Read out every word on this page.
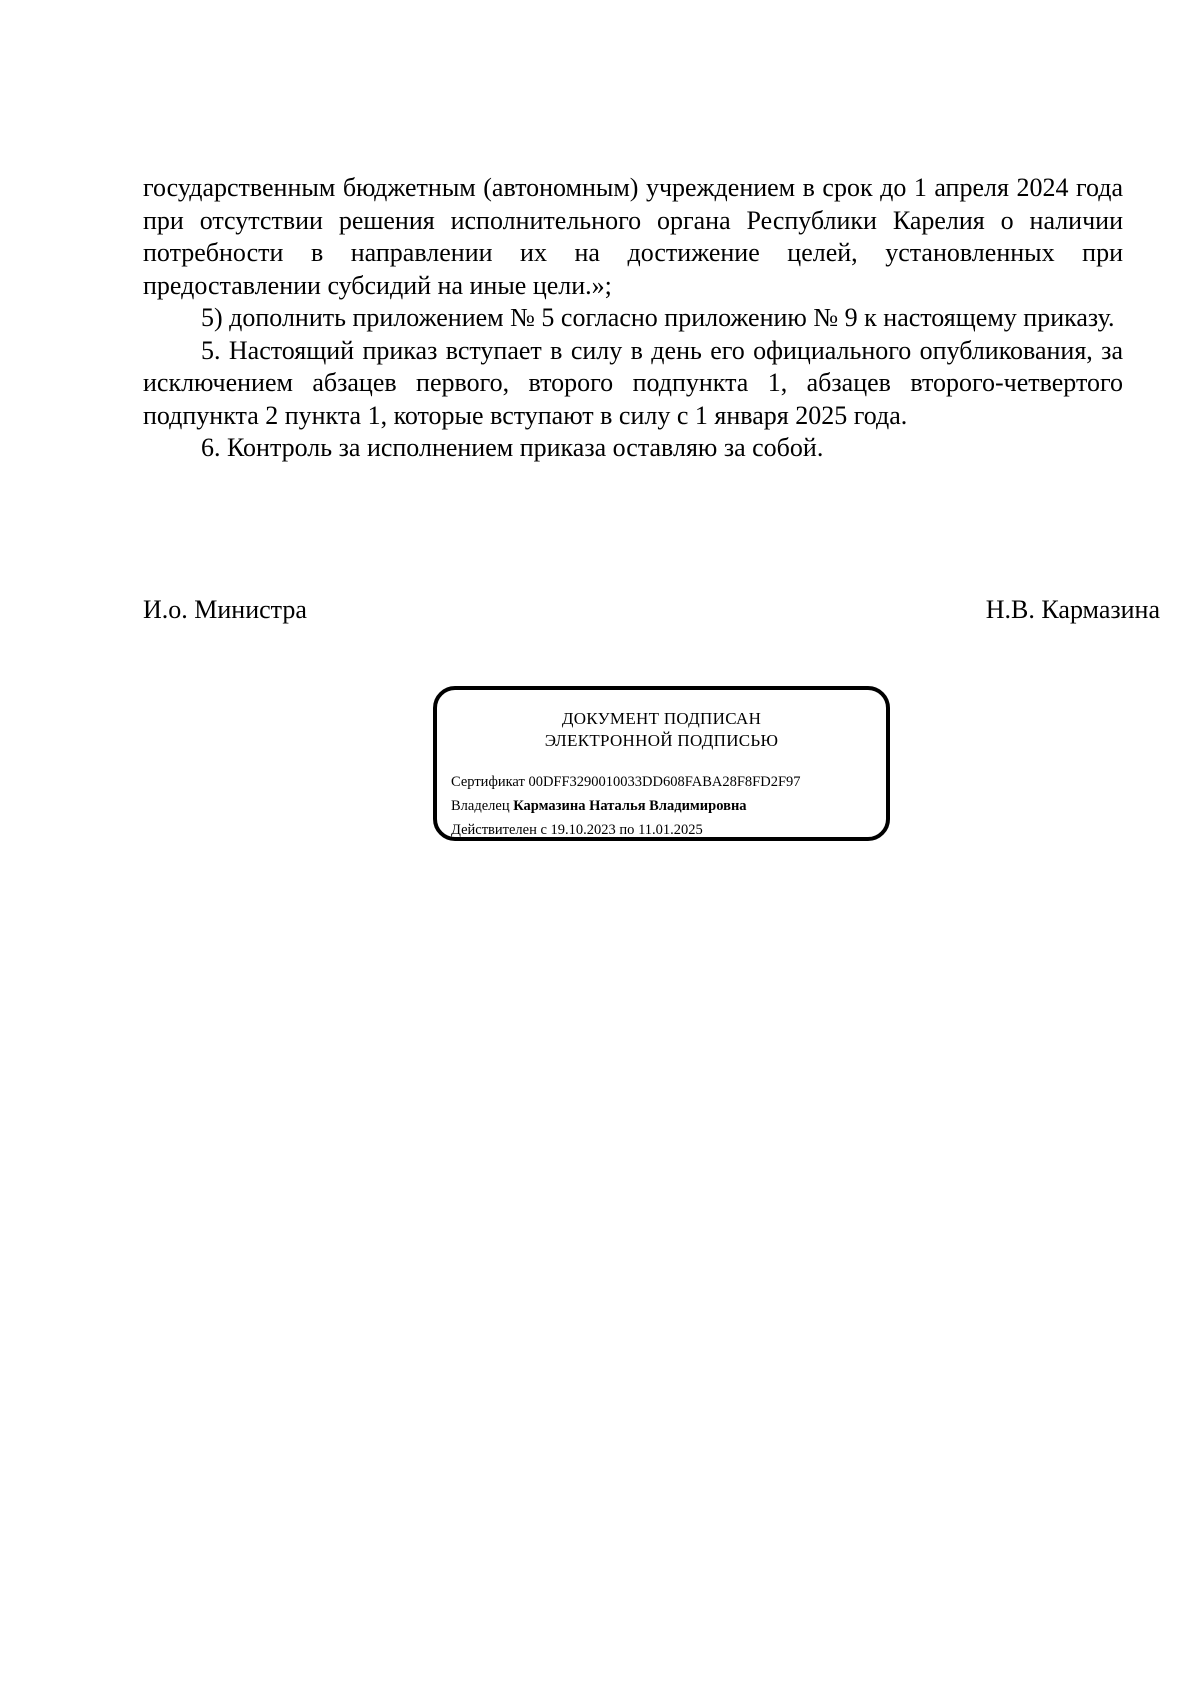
государственным бюджетным (автономным) учреждением в срок до 1 апреля 2024 года при отсутствии решения исполнительного органа Республики Карелия о наличии потребности в направлении их на достижение целей, установленных при предоставлении субсидий на иные цели.»;

5) дополнить приложением № 5 согласно приложению № 9 к настоящему приказу.

5. Настоящий приказ вступает в силу в день его официального опубликования, за исключением абзацев первого, второго подпункта 1, абзацев второго-четвертого подпункта 2 пункта 1, которые вступают в силу с 1 января 2025 года.

6. Контроль за исполнением приказа оставляю за собой.

И.о. Министра	Н.В. Кармазина
ДОКУМЕНТ ПОДПИСАН
ЭЛЕКТРОННОЙ ПОДПИСЬЮ
Сертификат 00DFF3290010033DD608FABA28F8FD2F97
Владелец Кармазина Наталья Владимировна
Действителен с 19.10.2023 по 11.01.2025
